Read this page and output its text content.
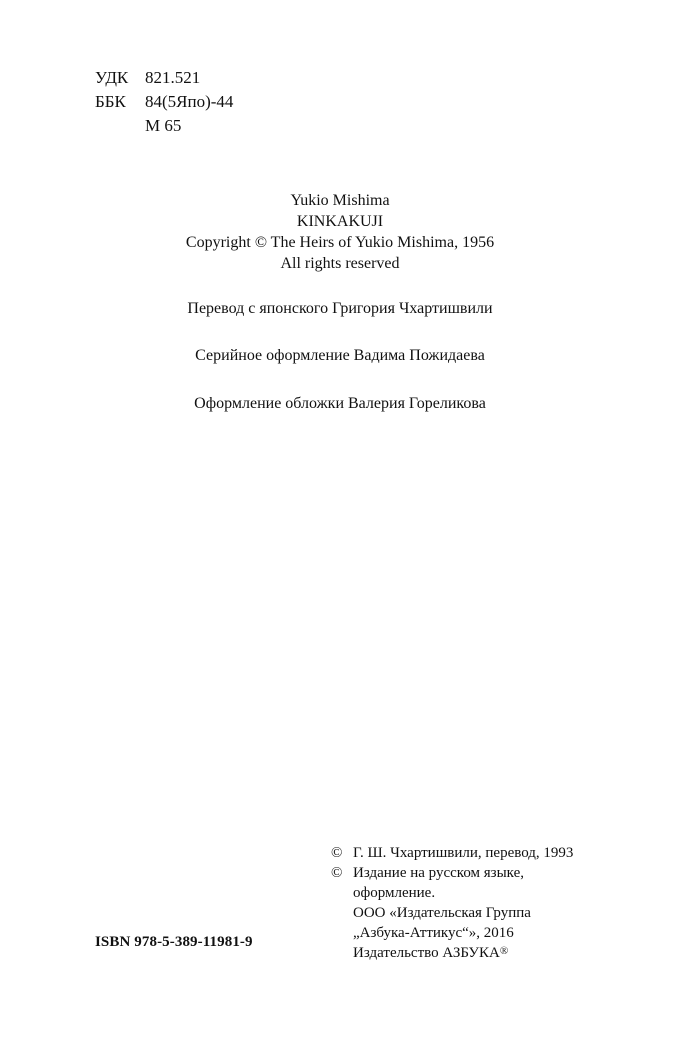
УДК 821.521
ББК	84(5Япо)-44
М 65
Yukio Mishima
KINKAKUJI
Copyright © The Heirs of Yukio Mishima, 1956
All rights reserved
Перевод с японского Григория Чхартишвили
Серийное оформление Вадима Пожидаева
Оформление обложки Валерия Гореликова
© Г. Ш. Чхартишвили, перевод, 1993
© Издание на русском языке,
оформление.
ООО «Издательская Группа
„Азбука-Аттикус“», 2016
Издательство АЗБУКА®
ISBN 978-5-389-11981-9
